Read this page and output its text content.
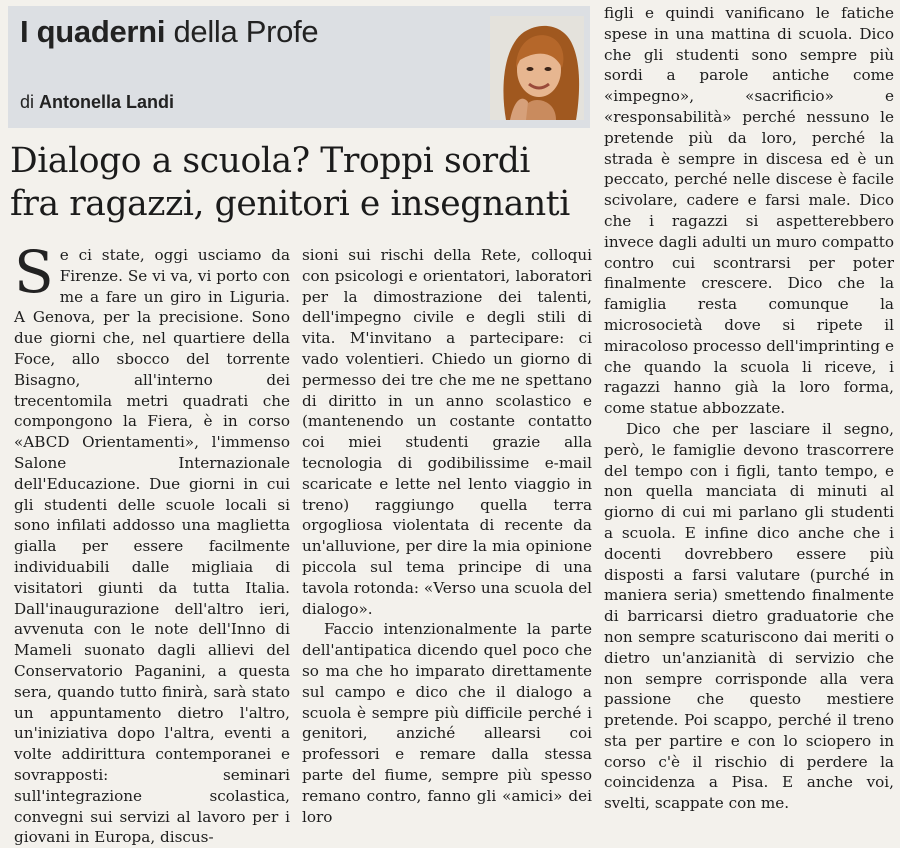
I quaderni della Profe
di Antonella Landi
Dialogo a scuola? Troppi sordi
fra ragazzi, genitori e insegnanti

Se ci state, oggi usciamo da Firenze. Se vi va, vi porto con me a fare un giro in Liguria. A Genova, per la precisione. Sono due giorni che, nel quartiere della Foce, allo sbocco del torrente Bisagno, all'interno dei trecentomila metri quadrati che compongono la Fiera, è in corso «ABCD Orientamenti», l'immenso Salone Internazionale dell'Educazione. Due giorni in cui gli studenti delle scuole locali si sono infilati addosso una maglietta gialla per essere facilmente individuabili dalle migliaia di visitatori giunti da tutta Italia. Dall'inaugurazione dell'altro ieri, avvenuta con le note dell'Inno di Mameli suonato dagli allievi del Conservatorio Paganini, a questa sera, quando tutto finirà, sarà stato un appuntamento dietro l'altro, un'iniziativa dopo l'altra, eventi a volte addirittura contemporanei e sovrapposti: seminari sull'integrazione scolastica, convegni sui servizi al lavoro per i giovani in Europa, discus-

sioni sui rischi della Rete, colloqui con psicologi e orientatori, laboratori per la dimostrazione dei talenti, dell'impegno civile e degli stili di vita. M'invitano a partecipare: ci vado volentieri. Chiedo un giorno di permesso dei tre che me ne spettano di diritto in un anno scolastico e (mantenendo un costante contatto coi miei studenti grazie alla tecnologia di godibilissime e-mail scaricate e lette nel lento viaggio in treno) raggiungo quella terra orgogliosa violentata di recente da un'alluvione, per dire la mia opinione piccola sul tema principe di una tavola rotonda: «Verso una scuola del dialogo».

Faccio intenzionalmente la parte dell'antipatica dicendo quel poco che so ma che ho imparato direttamente sul campo e dico che il dialogo a scuola è sempre più difficile perché i genitori, anziché allearsi coi professori e remare dalla stessa parte del fiume, sempre più spesso remano contro, fanno gli «amici» dei loro

figli e quindi vanificano le fatiche spese in una mattina di scuola. Dico che gli studenti sono sempre più sordi a parole antiche come «impegno», «sacrificio» e «responsabilità» perché nessuno le pretende più da loro, perché la strada è sempre in discesa ed è un peccato, perché nelle discese è facile scivolare, cadere e farsi male. Dico che i ragazzi si aspetterebbero invece dagli adulti un muro compatto contro cui scontrarsi per poter finalmente crescere. Dico che la famiglia resta comunque la microsocietà dove si ripete il miracoloso processo dell'imprinting e che quando la scuola li riceve, i ragazzi hanno già la loro forma, come statue abbozzate.

Dico che per lasciare il segno, però, le famiglie devono trascorrere del tempo con i figli, tanto tempo, e non quella manciata di minuti al giorno di cui mi parlano gli studenti a scuola. E infine dico anche che i docenti dovrebbero essere più disposti a farsi valutare (purché in maniera seria) smettendo finalmente di barricarsi dietro graduatorie che non sempre scaturiscono dai meriti o dietro un'anzianità di servizio che non sempre corrisponde alla vera passione che questo mestiere pretende. Poi scappo, perché il treno sta per partire e con lo sciopero in corso c'è il rischio di perdere la coincidenza a Pisa. E anche voi, svelti, scappate con me.
